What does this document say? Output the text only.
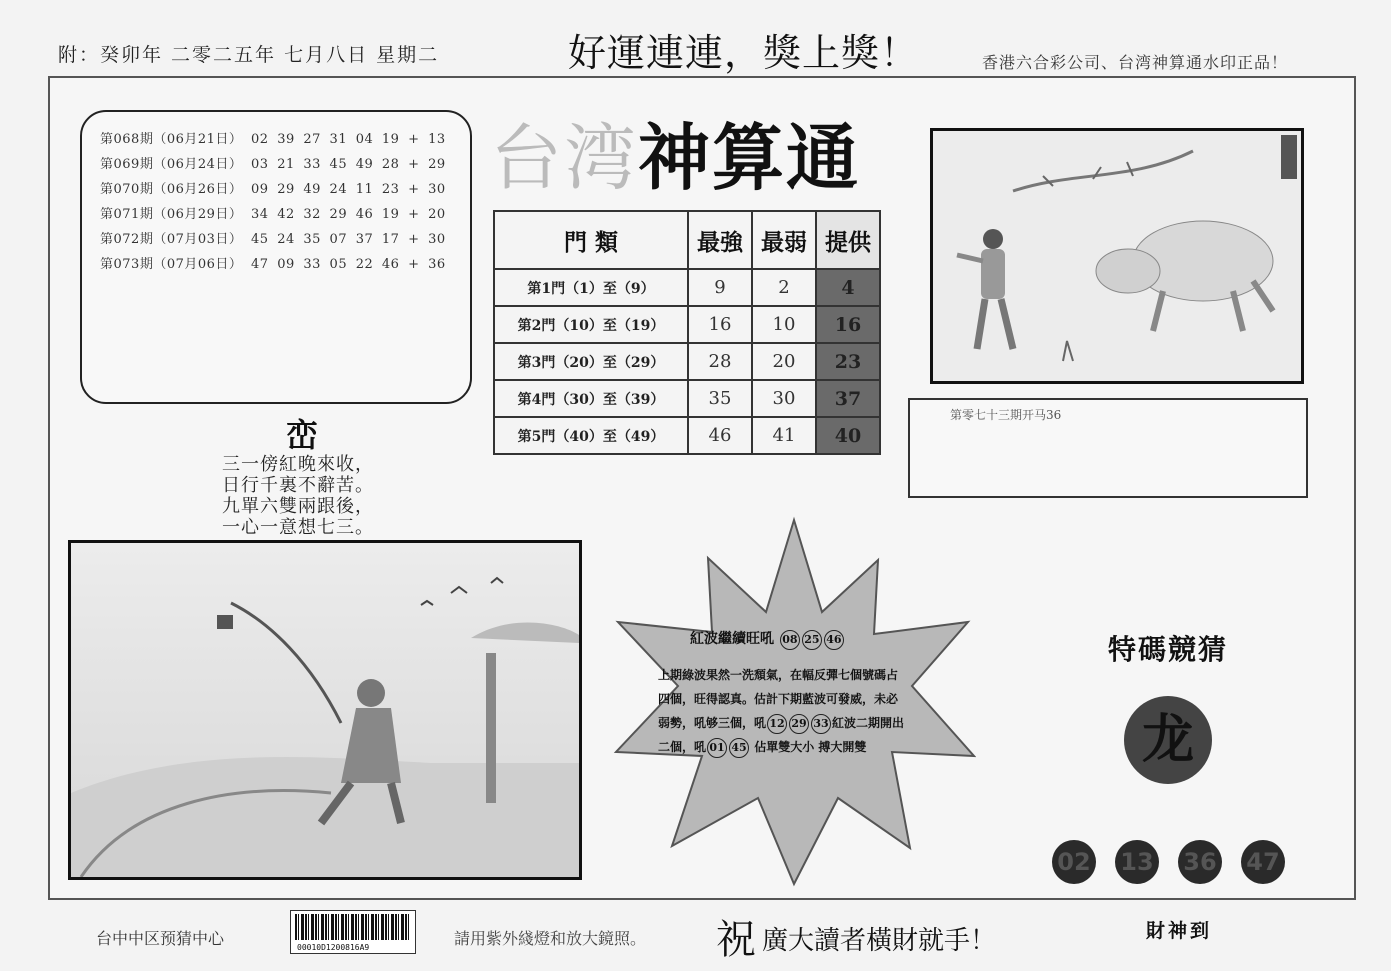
附：癸卯年 二零二五年 七月八日 星期二	好運連連，獎上獎！	香港六合彩公司、台湾神算通水印正品！
第068期（06月21日） 02 39 27 31 04 19 + 13
第069期（06月24日） 03 21 33 45 49 28 + 29
第070期（06月26日） 09 29 49 24 11 23 + 30
第071期（06月29日） 34 42 32 29 46 19 + 20
第072期（07月03日） 45 24 35 07 37 17 + 30
第073期（07月06日） 47 09 33 05 22 46 + 36
台湾神算通
門 類	最強	最弱	提供
第1門（1）至（9）	9	2	4
第2門（10）至（19）	16	10	16
第3門（20）至（29）	28	20	23
第4門（30）至（39）	35	30	37
第5門（40）至（49）	46	41	40
第零七十三期开马36
峦
三一傍紅晚來收，
日行千裏不辭苦。
九單六雙兩跟後，
一心一意想七三。
紅波繼續旺吼 08 25 46
上期綠波果然一洗頹氣，在幅反彈七個號碼占
四個，旺得認真。估計下期藍波可發威，未必
弱勢，吼够三個，吼 12 29 33 紅波二期開出
二個，吼 01 45 佔單雙大小 搏大開雙
特碼競猜
龙
02 13 36 47
台中中区预猜中心	00010D1200816A9	請用紫外綫燈和放大鏡照。 祝 廣大讀者橫財就手！	財神到
